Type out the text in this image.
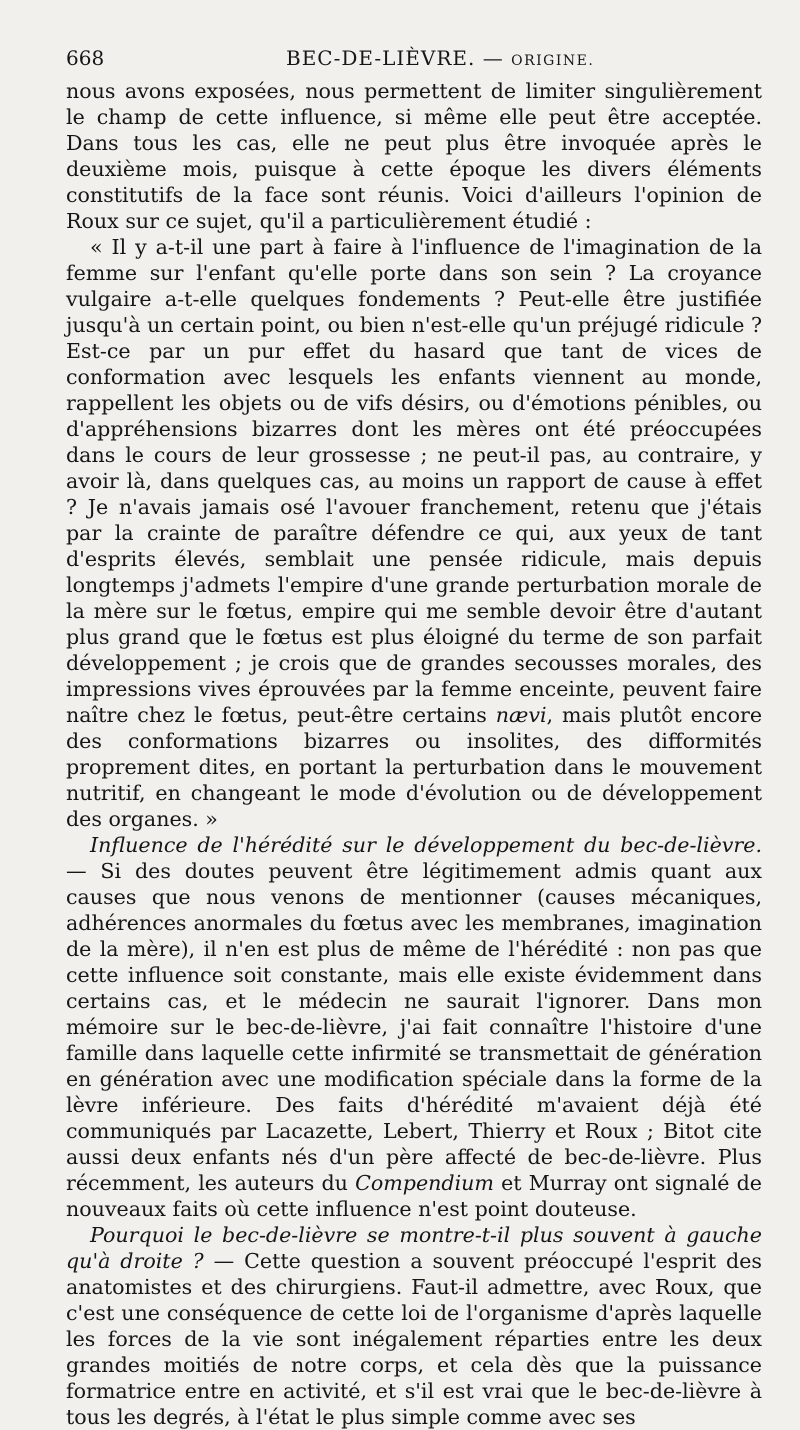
668	BEC-DE-LIÈVRE. — ORIGINE.

nous avons exposées, nous permettent de limiter singulièrement le champ de cette influence, si même elle peut être acceptée. Dans tous les cas, elle ne peut plus être invoquée après le deuxième mois, puisque à cette époque les divers éléments constitutifs de la face sont réunis. Voici d'ailleurs l'opinion de Roux sur ce sujet, qu'il a particulièrement étudié :

« Il y a-t-il une part à faire à l'influence de l'imagination de la femme sur l'enfant qu'elle porte dans son sein ? La croyance vulgaire a-t-elle quelques fondements ? Peut-elle être justifiée jusqu'à un certain point, ou bien n'est-elle qu'un préjugé ridicule ? Est-ce par un pur effet du hasard que tant de vices de conformation avec lesquels les enfants viennent au monde, rappellent les objets ou de vifs désirs, ou d'émotions pénibles, ou d'appréhensions bizarres dont les mères ont été préoccupées dans le cours de leur grossesse ; ne peut-il pas, au contraire, y avoir là, dans quelques cas, au moins un rapport de cause à effet ? Je n'avais jamais osé l'avouer franchement, retenu que j'étais par la crainte de paraître défendre ce qui, aux yeux de tant d'esprits élevés, semblait une pensée ridicule, mais depuis longtemps j'admets l'empire d'une grande perturbation morale de la mère sur le fœtus, empire qui me semble devoir être d'autant plus grand que le fœtus est plus éloigné du terme de son parfait développement ; je crois que de grandes secousses morales, des impressions vives éprouvées par la femme enceinte, peuvent faire naître chez le fœtus, peut-être certains nævi, mais plutôt encore des conformations bizarres ou insolites, des difformités proprement dites, en portant la perturbation dans le mouvement nutritif, en changeant le mode d'évolution ou de développement des organes. »

Influence de l'hérédité sur le développement du bec-de-lièvre. — Si des doutes peuvent être légitimement admis quant aux causes que nous venons de mentionner (causes mécaniques, adhérences anormales du fœtus avec les membranes, imagination de la mère), il n'en est plus de même de l'hérédité : non pas que cette influence soit constante, mais elle existe évidemment dans certains cas, et le médecin ne saurait l'ignorer. Dans mon mémoire sur le bec-de-lièvre, j'ai fait connaître l'histoire d'une famille dans laquelle cette infirmité se transmettait de génération en génération avec une modification spéciale dans la forme de la lèvre inférieure. Des faits d'hérédité m'avaient déjà été communiqués par Lacazette, Lebert, Thierry et Roux ; Bitot cite aussi deux enfants nés d'un père affecté de bec-de-lièvre. Plus récemment, les auteurs du Compendium et Murray ont signalé de nouveaux faits où cette influence n'est point douteuse.

Pourquoi le bec-de-lièvre se montre-t-il plus souvent à gauche qu'à droite ? — Cette question a souvent préoccupé l'esprit des anatomistes et des chirurgiens. Faut-il admettre, avec Roux, que c'est une conséquence de cette loi de l'organisme d'après laquelle les forces de la vie sont inégalement réparties entre les deux grandes moitiés de notre corps, et cela dès que la puissance formatrice entre en activité, et s'il est vrai que le bec-de-lièvre à tous les degrés, à l'état le plus simple comme avec ses
